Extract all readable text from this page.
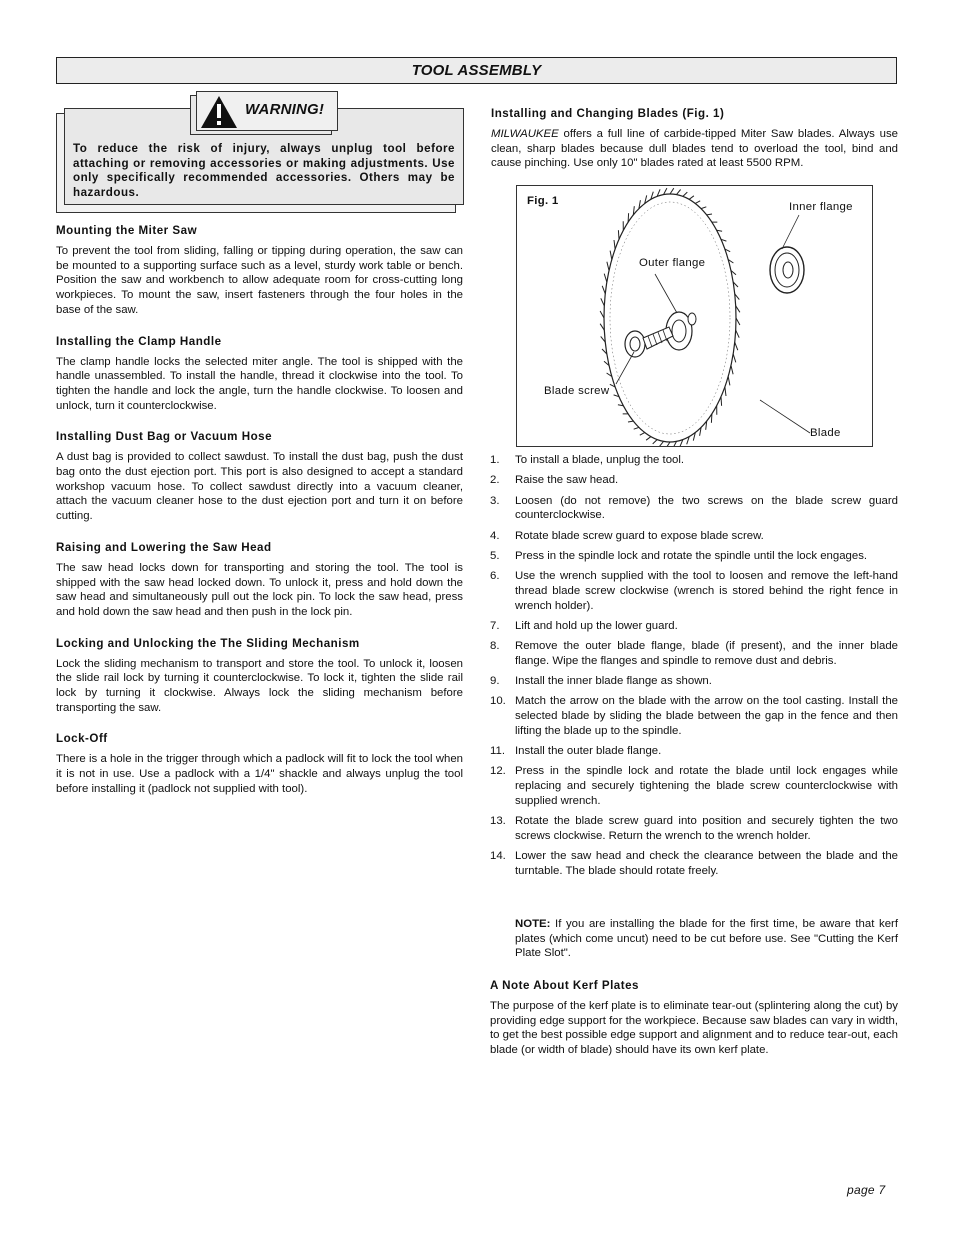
TOOL ASSEMBLY

To reduce the risk of injury, always unplug tool before attaching or removing accessories or making adjustments. Use only specifically recommended accessories. Others may be hazardous.

WARNING!
Mounting the Miter Saw

To prevent the tool from sliding, falling or tipping during operation, the saw can be mounted to a supporting surface such as a level, sturdy work table or bench. Position the saw and workbench to allow adequate room for cross-cutting long workpieces. To mount the saw, insert fasteners through the four holes in the base of the saw.

Installing the Clamp Handle

The clamp handle locks the selected miter angle. The tool is shipped with the handle unassembled. To install the handle, thread it clockwise into the tool. To tighten the handle and lock the angle, turn the handle clockwise. To loosen and unlock, turn it counterclockwise.

Installing Dust Bag or Vacuum Hose

A dust bag is provided to collect sawdust. To install the dust bag, push the dust bag onto the dust ejection port. This port is also designed to accept a standard workshop vacuum hose. To collect sawdust directly into a vacuum cleaner, attach the vacuum cleaner hose to the dust ejection port and turn it on before cutting.

Raising and Lowering the Saw Head

The saw head locks down for transporting and storing the tool. The tool is shipped with the saw head locked down. To unlock it, press and hold down the saw head and simultaneously pull out the lock pin. To lock the saw head, press and hold down the saw head and then push in the lock pin.

Locking and Unlocking the The Sliding Mechanism

Lock the sliding mechanism to transport and store the tool. To unlock it, loosen the slide rail lock by turning it counterclockwise. To lock it, tighten the slide rail lock by turning it clockwise. Always lock the sliding mechanism before transporting the saw.

Lock-Off

There is a hole in the trigger through which a padlock will fit to lock the tool when it is not in use. Use a padlock with a 1/4" shackle and always unplug the tool before installing it (padlock not supplied with tool).

Installing and Changing Blades (Fig. 1)

MILWAUKEE offers a full line of carbide-tipped Miter Saw blades. Always use clean, sharp blades because dull blades tend to overload the tool, bind and cause pinching. Use only 10" blades rated at least 5500 RPM.

Fig. 1	Inner flange
Outer flange
Blade screw
Blade
1. To install a blade, unplug the tool.
2. Raise the saw head.
3. Loosen (do not remove) the two screws on the blade screw guard counterclockwise.
4. Rotate blade screw guard to expose blade screw.
5. Press in the spindle lock and rotate the spindle until the lock engages.
6. Use the wrench supplied with the tool to loosen and remove the left-hand thread blade screw clockwise (wrench is stored behind the right fence in wrench holder).
7. Lift and hold up the lower guard.
8. Remove the outer blade flange, blade (if present), and the inner blade flange. Wipe the flanges and spindle to remove dust and debris.
9. Install the inner blade flange as shown.
10. Match the arrow on the blade with the arrow on the tool casting. Install the selected blade by sliding the blade between the gap in the fence and then lifting the blade up to the spindle.
11. Install the outer blade flange.
12. Press in the spindle lock and rotate the blade until lock engages while replacing and securely tightening the blade screw counterclockwise with supplied wrench.
13. Rotate the blade screw guard into position and securely tighten the two screws clockwise. Return the wrench to the wrench holder.
14. Lower the saw head and check the clearance between the blade and the turntable. The blade should rotate freely.

NOTE: If you are installing the blade for the first time, be aware that kerf plates (which come uncut) need to be cut before use. See "Cutting the Kerf Plate Slot".

A Note About Kerf Plates

The purpose of the kerf plate is to eliminate tear-out (splintering along the cut) by providing edge support for the workpiece. Because saw blades can vary in width, to get the best possible edge support and alignment and to reduce tear-out, each blade (or width of blade) should have its own kerf plate.

page 7
